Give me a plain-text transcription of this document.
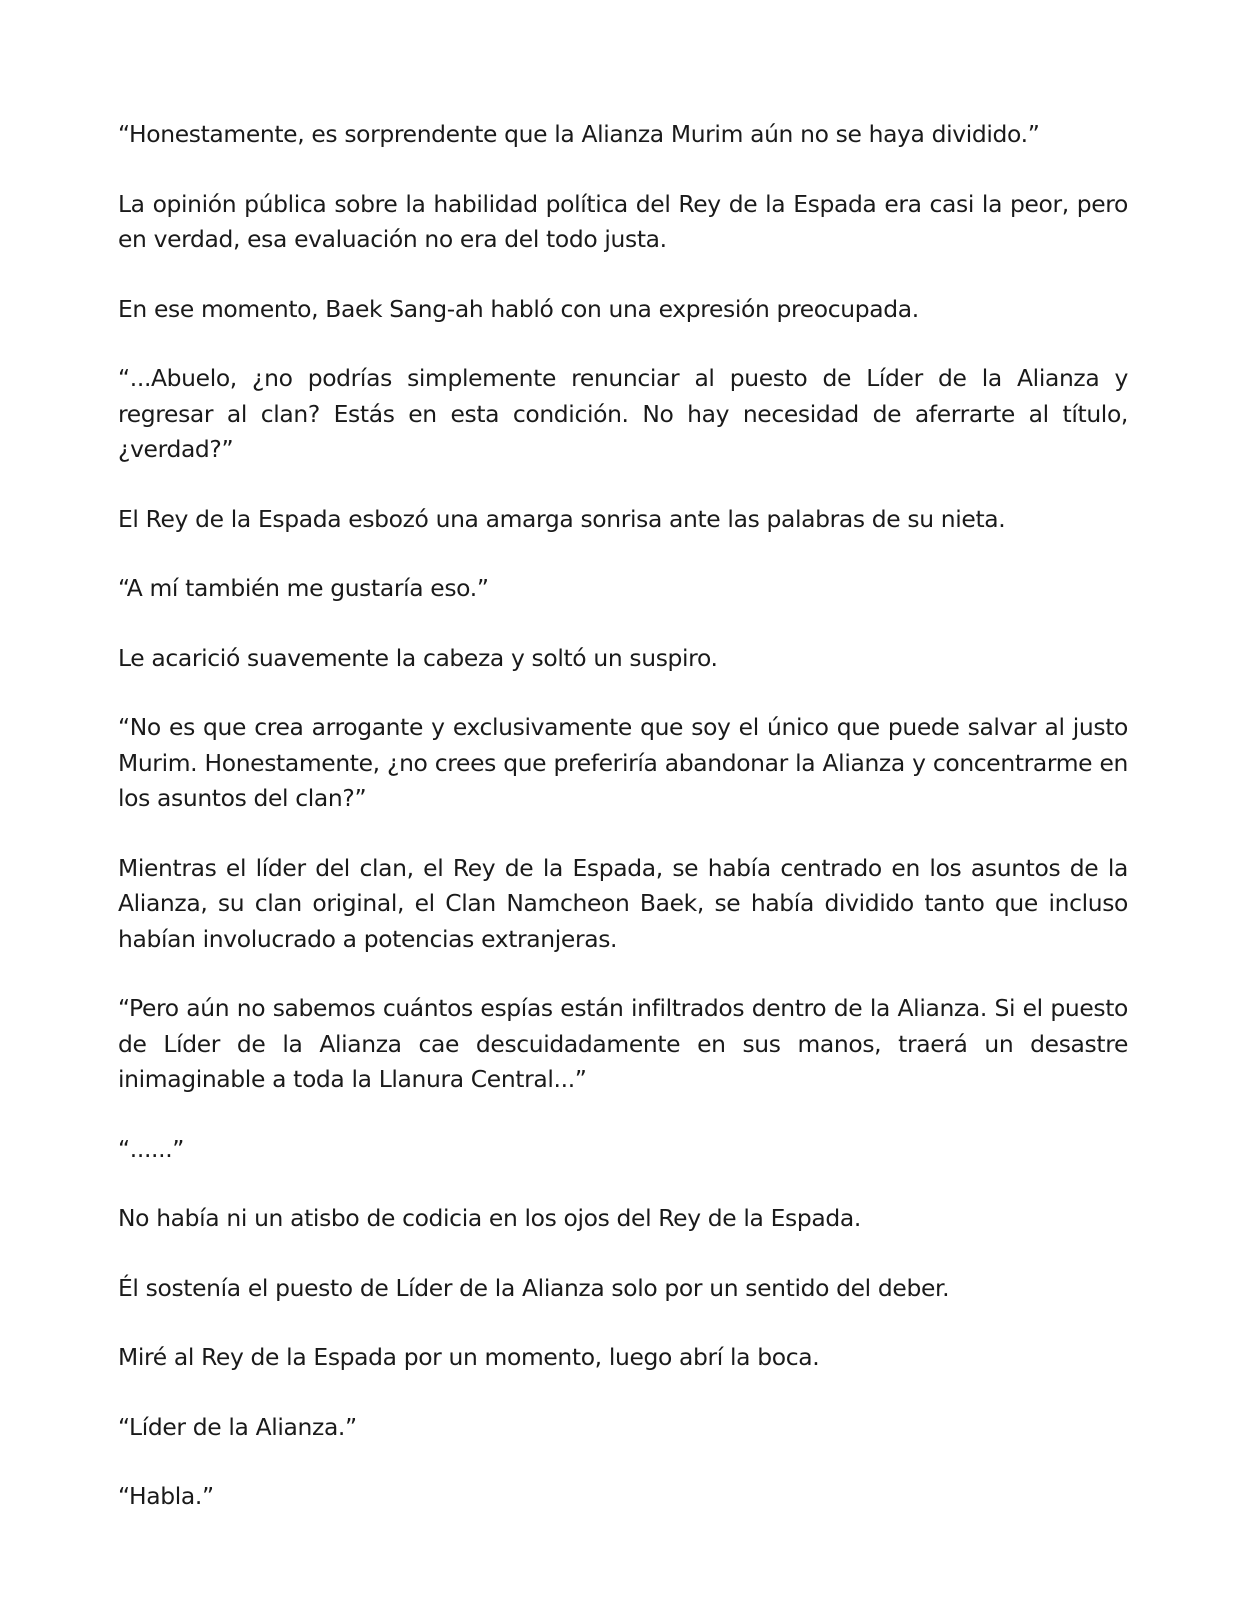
“Honestamente, es sorprendente que la Alianza Murim aún no se haya dividido.”

La opinión pública sobre la habilidad política del Rey de la Espada era casi la peor, pero en verdad, esa evaluación no era del todo justa.

En ese momento, Baek Sang-ah habló con una expresión preocupada.

“...Abuelo, ¿no podrías simplemente renunciar al puesto de Líder de la Alianza y regresar al clan? Estás en esta condición. No hay necesidad de aferrarte al título, ¿verdad?”

El Rey de la Espada esbozó una amarga sonrisa ante las palabras de su nieta.

“A mí también me gustaría eso.”

Le acarició suavemente la cabeza y soltó un suspiro.

“No es que crea arrogante y exclusivamente que soy el único que puede salvar al justo Murim. Honestamente, ¿no crees que preferiría abandonar la Alianza y concentrarme en los asuntos del clan?”

Mientras el líder del clan, el Rey de la Espada, se había centrado en los asuntos de la Alianza, su clan original, el Clan Namcheon Baek, se había dividido tanto que incluso habían involucrado a potencias extranjeras.

“Pero aún no sabemos cuántos espías están infiltrados dentro de la Alianza. Si el puesto de Líder de la Alianza cae descuidadamente en sus manos, traerá un desastre inimaginable a toda la Llanura Central...”

“......”

No había ni un atisbo de codicia en los ojos del Rey de la Espada.

Él sostenía el puesto de Líder de la Alianza solo por un sentido del deber.

Miré al Rey de la Espada por un momento, luego abrí la boca.

“Líder de la Alianza.”

“Habla.”
